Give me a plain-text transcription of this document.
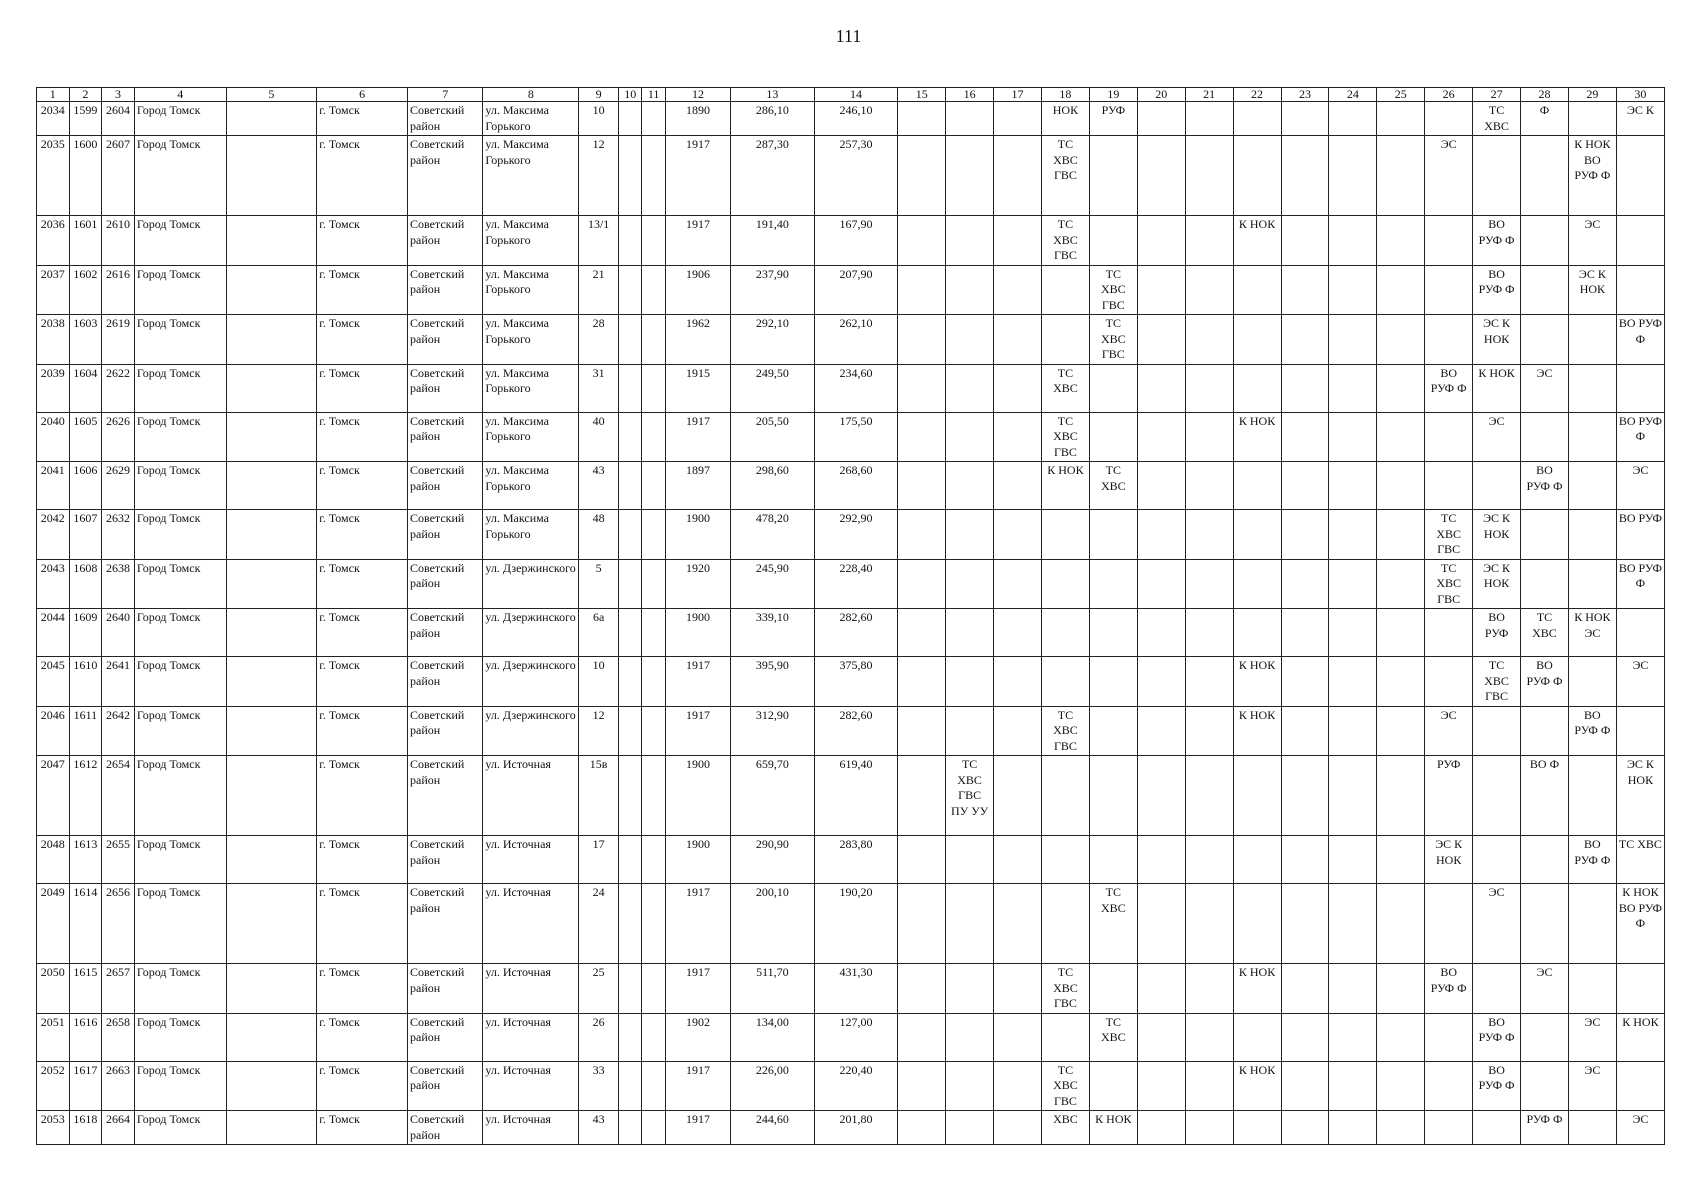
111
1	2	3	4	5	6	7	8	9	10	11	12	13	14	15	16	17	18	19	20	21	22	23	24	25	26	27	28	29	30
2034	1599	2604	Город Томск		г. Томск	Советский район	ул. Максима Горького	10			1890	286,10	246,10				НОК	РУФ								ТС ХВС	Ф		ЭС К
2035	1600	2607	Город Томск		г. Томск	Советский район	ул. Максима Горького	12			1917	287,30	257,30				ТС ХВС ГВС								ЭС			К НОК ВО РУФ Ф	
2036	1601	2610	Город Томск		г. Томск	Советский район	ул. Максима Горького	13/1			1917	191,40	167,90				ТС ХВС ГВС				К НОК					ВО РУФ Ф		ЭС	
2037	1602	2616	Город Томск		г. Томск	Советский район	ул. Максима Горького	21			1906	237,90	207,90					ТС ХВС ГВС								ВО РУФ Ф		ЭС К НОК	
2038	1603	2619	Город Томск		г. Томск	Советский район	ул. Максима Горького	28			1962	292,10	262,10					ТС ХВС ГВС								ЭС К НОК			ВО РУФ Ф
2039	1604	2622	Город Томск		г. Томск	Советский район	ул. Максима Горького	31			1915	249,50	234,60				ТС ХВС								ВО РУФ Ф	К НОК	ЭС		
2040	1605	2626	Город Томск		г. Томск	Советский район	ул. Максима Горького	40			1917	205,50	175,50				ТС ХВС ГВС				К НОК					ЭС			ВО РУФ Ф
2041	1606	2629	Город Томск		г. Томск	Советский район	ул. Максима Горького	43			1897	298,60	268,60				К НОК	ТС ХВС									ВО РУФ Ф		ЭС
2042	1607	2632	Город Томск		г. Томск	Советский район	ул. Максима Горького	48			1900	478,20	292,90												ТС ХВС ГВС	ЭС К НОК			ВО РУФ
2043	1608	2638	Город Томск		г. Томск	Советский район	ул. Дзержинского	5			1920	245,90	228,40												ТС ХВС ГВС	ЭС К НОК			ВО РУФ Ф
2044	1609	2640	Город Томск		г. Томск	Советский район	ул. Дзержинского	6а			1900	339,10	282,60													ВО РУФ	ТС ХВС	К НОК ЭС	
2045	1610	2641	Город Томск		г. Томск	Советский район	ул. Дзержинского	10			1917	395,90	375,80								К НОК					ТС ХВС ГВС	ВО РУФ Ф		ЭС
2046	1611	2642	Город Томск		г. Томск	Советский район	ул. Дзержинского	12			1917	312,90	282,60				ТС ХВС ГВС				К НОК				ЭС			ВО РУФ Ф	
2047	1612	2654	Город Томск		г. Томск	Советский район	ул. Источная	15в			1900	659,70	619,40		ТС ХВС ГВС ПУ УУ										РУФ		ВО Ф		ЭС К НОК
2048	1613	2655	Город Томск		г. Томск	Советский район	ул. Источная	17			1900	290,90	283,80												ЭС К НОК			ВО РУФ Ф	ТС ХВС
2049	1614	2656	Город Томск		г. Томск	Советский район	ул. Источная	24			1917	200,10	190,20					ТС ХВС								ЭС			К НОК ВО РУФ Ф
2050	1615	2657	Город Томск		г. Томск	Советский район	ул. Источная	25			1917	511,70	431,30				ТС ХВС ГВС				К НОК				ВО РУФ Ф		ЭС		
2051	1616	2658	Город Томск		г. Томск	Советский район	ул. Источная	26			1902	134,00	127,00					ТС ХВС								ВО РУФ Ф		ЭС	К НОК
2052	1617	2663	Город Томск		г. Томск	Советский район	ул. Источная	33			1917	226,00	220,40				ТС ХВС ГВС				К НОК					ВО РУФ Ф		ЭС	
2053	1618	2664	Город Томск		г. Томск	Советский район	ул. Источная	43			1917	244,60	201,80				ХВС	К НОК									РУФ Ф		ЭС
